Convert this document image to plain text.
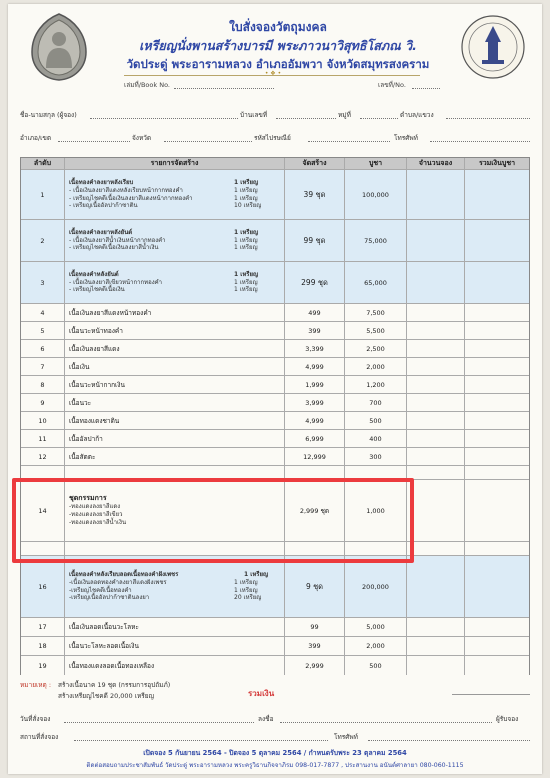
ใบสั่งจองวัตถุมงคล
เหรียญนั่งพานสร้างบารมี พระภาวนาวิสุทธิโสภณ วิ.
วัดประดู่ พระอารามหลวง อำเภออัมพวา จังหวัดสมุทรสงคราม
• ❖ •
เล่มที่/Book No.	เลขที่/No.
ชื่อ-นามสกุล (ผู้จอง)	บ้านเลขที่	หมู่ที่	ตำบล/แขวง
อำเภอ/เขต	จังหวัด	รหัสไปรษณีย์	โทรศัพท์
ลำดับ	รายการจัดสร้าง	จัดสร้าง	บูชา	จำนวนจอง	รวมเงินบูชา
1
เนื้อทองคำลงยาหลังเรียบ	1 เหรียญ
- เนื้อเงินลงยาสีแดงหลังเรียบหน้ากากทองคำ	1 เหรียญ
- เหรียญไชคดีเนื้อเงินลงยาสีแดงหน้ากากทองคำ	1 เหรียญ
- เหรียญเนื้ออัลปาก้าซาติน	10 เหรียญ
39 ชุด	100,000
2
เนื้อทองคำลงยาหลังยันต์	1 เหรียญ
- เนื้อเงินลงยาสีน้ำเงินหน้ากากทองคำ	1 เหรียญ
- เหรียญไชคดีเนื้อเงินลงยาสีน้ำเงิน	1 เหรียญ
99 ชุด	75,000
3
เนื้อทองคำหลังยันต์	1 เหรียญ
- เนื้อเงินลงยาสีเขียวหน้ากากทองคำ	1 เหรียญ
- เหรียญไชคดีเนื้อเงิน	1 เหรียญ
299 ชุด	65,000
4	เนื้อเงินลงยาสีแดงหน้าทองคำ	499	7,500
5	เนื้อนวะหน้าทองคำ	399	5,500
6	เนื้อเงินลงยาสีแดง	3,399	2,500
7	เนื้อเงิน	4,999	2,000
8	เนื้อนวะหน้ากากเงิน	1,999	1,200
9	เนื้อนวะ	3,999	700
10	เนื้อทองแดงชาติน	4,999	500
11	เนื้ออัลปาก้า	6,999	400
12	เนื้อสัตตะ	12,999	300
14
ชุดกรรมการ
-ทองแดงลงยาสีแดง
-ทองแดงลงยาสีเขียว
-ทองแดงลงยาสีน้ำเงิน
2,999 ชุด	1,000
16
เนื้อทองคำหลังเรียบลอดเนื้อทองคำฝังเพชร	1 เหรียญ
-เนื้อเงินลอดทองคำลงยาสีแดงฝังเพชร	1 เหรียญ
-เหรียญไชคดีเนื้อทองคำ	1 เหรียญ
-เหรียญเนื้ออัลปาก้าซาตินลงยา	20 เหรียญ
9 ชุด	200,000
17	เนื้อเงินลอดเนื้อนวะโลหะ	99	5,000
18	เนื้อนวะโลหะลอดเนื้อเงิน	399	2,000
19	เนื้อทองแดงลอดเนื้อทองเหลือง	2,999	500
หมายเหตุ : สร้างเนื้อนาค 19 ชุด (กรรมการอุปถัมภ์)
สร้างเหรียญไชคดี 20,000 เหรียญ	รวมเงิน
วันที่สั่งจอง	ลงชื่อ	ผู้รับจอง
สถานที่สั่งจอง	โทรศัพท์
เปิดจอง 5 กันยายน 2564 - ปิดจอง 5 ตุลาคม 2564 / กำหนดรับพระ 23 ตุลาคม 2564
ติดต่อสอบถามประชาสัมพันธ์ วัดประดู่ พระอารามหลวง พระครูวิธานกิจจาภิรม 098-017-7877 , ประสานงาน อนันต์ศาลายา 080-060-1115
